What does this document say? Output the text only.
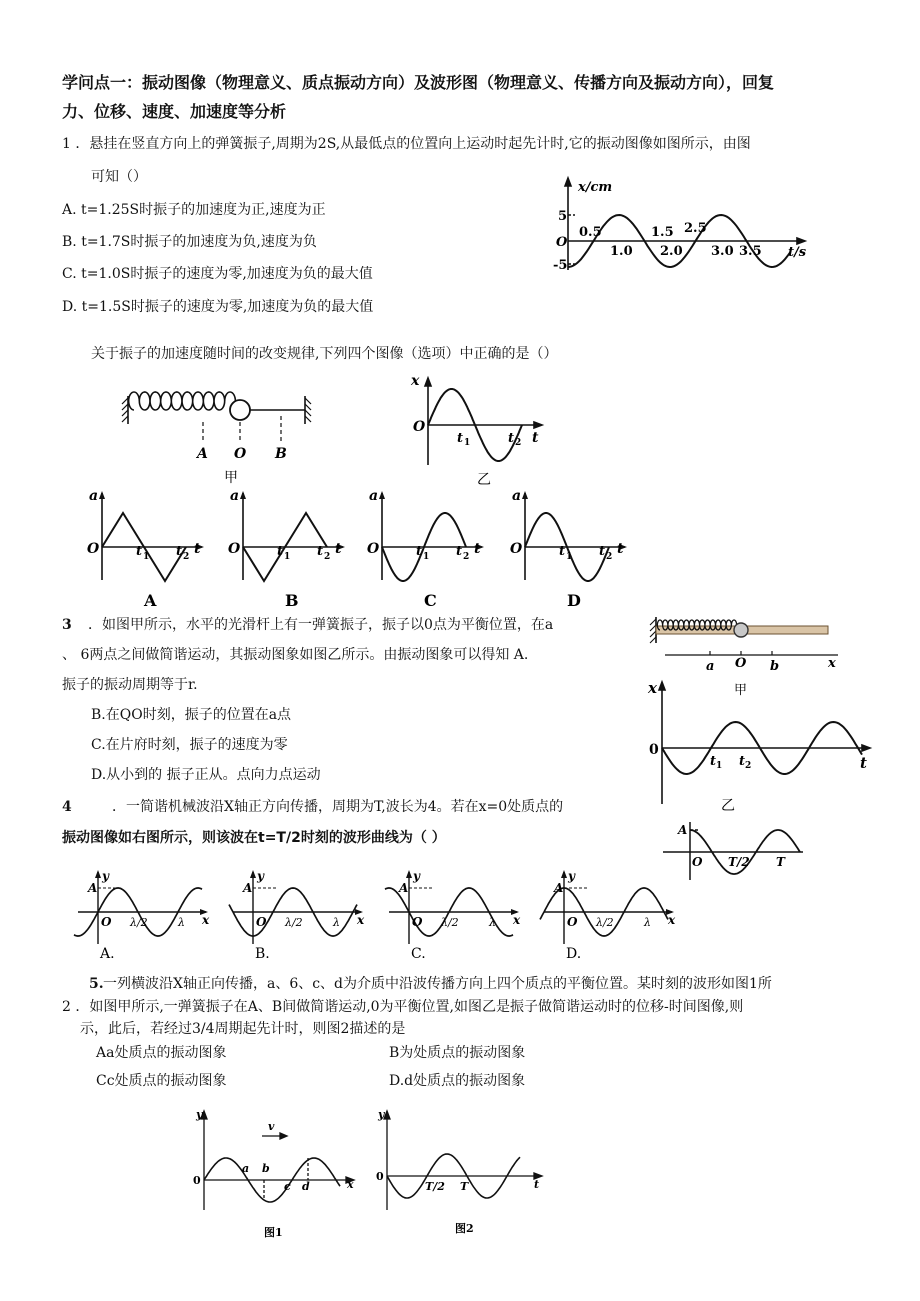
学问点一：振动图像（物理意义、质点振动方向）及波形图（物理意义、传播方向及振动方向），回复
力、位移、速度、加速度等分析
1 ．悬挂在竖直方向上的弹簧振子,周期为2S,从最低点的位置向上运动时起先计时,它的振动图像如图所示，由图
可知（）
A. t=1.25S时振子的加速度为正,速度为正
B. t=1.7S时振子的加速度为负,速度为负
C. t=1.0S时振子的速度为零,加速度为负的最大值
D. t=1.5S时振子的速度为零,加速度为负的最大值
x/cm
t/s
O
5
-5
0.5	1.5 2.5
1.0 2.0 3.0 3.5
关于振子的加速度随时间的改变规律,下列四个图像（选项）中正确的是（）
A O B
甲
x
O
t 1	t 2 t
乙
a
O	t 1 t 2 t
A
a
O	t 1 t 2 t
B
a
O	t 1 t 2 t
C
a
O	t 1 t 2 t
D
3 ．如图甲所示，水平的光滑杆上有一弹簧振子，振子以0点为平衡位置，在a
、 6两点之间做简谐运动，其振动图象如图乙所示。由振动图象可以得知 A.
振子的振动周期等于r.
B.在QO时刻，振子的位置在a点
C.在片府时刻，振子的速度为零
D.从小到的 振子正从。点向力点运动
a O b	x
甲
x
0
t 1 t 2	t
乙
4	．一简谐机械波沿X轴正方向传播，周期为T,波长为4。若在x=0处质点的
振动图像如右图所示，则该波在t=T/2时刻的波形曲线为（ ）	A
O T/2 T
y
A
O λ/2	λ x
A.
y
A
O λ/2	λ x
B.
y
A
O λ/2	λ x
C.
y
A
O λ/2	λ x
D.
5. 一列横波沿X轴正向传播，a、6、c、d为介质中沿波传播方向上四个质点的平衡位置。某时刻的波形如图1所
2 ．如图甲所示,一弹簧振子在A、B间做简谐运动,0为平衡位置,如图乙是振子做简谐运动时的位移-时间图像,则
示，此后，若经过3/4周期起先计时，则图2描述的是
Aa处质点的振动图象	B为处质点的振动图象
Cc处质点的振动图象	D.d处质点的振动图象
y
v
0
a b
c d	x
图1
y
0
T/2 T	t
图2
